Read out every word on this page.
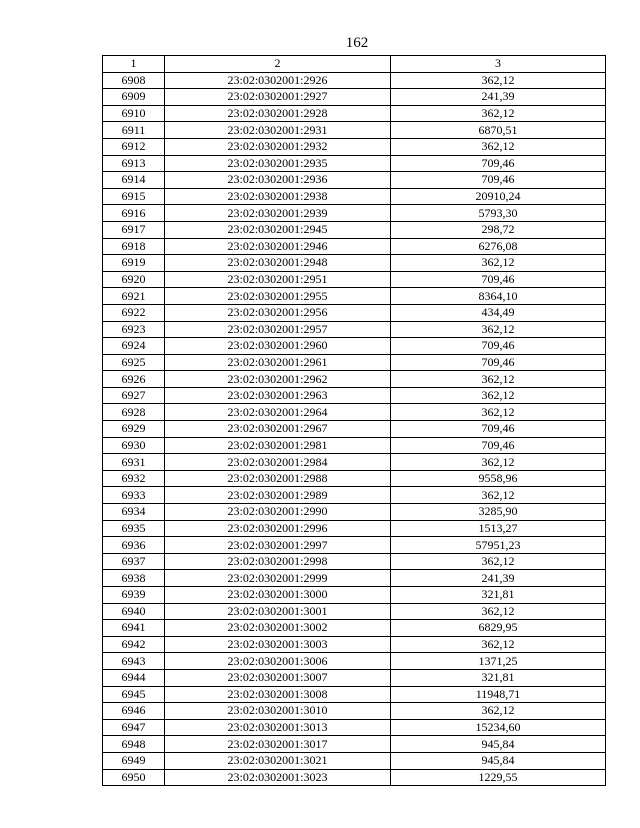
162
1	2	3
6908	23:02:0302001:2926	362,12
6909	23:02:0302001:2927	241,39
6910	23:02:0302001:2928	362,12
6911	23:02:0302001:2931	6870,51
6912	23:02:0302001:2932	362,12
6913	23:02:0302001:2935	709,46
6914	23:02:0302001:2936	709,46
6915	23:02:0302001:2938	20910,24
6916	23:02:0302001:2939	5793,30
6917	23:02:0302001:2945	298,72
6918	23:02:0302001:2946	6276,08
6919	23:02:0302001:2948	362,12
6920	23:02:0302001:2951	709,46
6921	23:02:0302001:2955	8364,10
6922	23:02:0302001:2956	434,49
6923	23:02:0302001:2957	362,12
6924	23:02:0302001:2960	709,46
6925	23:02:0302001:2961	709,46
6926	23:02:0302001:2962	362,12
6927	23:02:0302001:2963	362,12
6928	23:02:0302001:2964	362,12
6929	23:02:0302001:2967	709,46
6930	23:02:0302001:2981	709,46
6931	23:02:0302001:2984	362,12
6932	23:02:0302001:2988	9558,96
6933	23:02:0302001:2989	362,12
6934	23:02:0302001:2990	3285,90
6935	23:02:0302001:2996	1513,27
6936	23:02:0302001:2997	57951,23
6937	23:02:0302001:2998	362,12
6938	23:02:0302001:2999	241,39
6939	23:02:0302001:3000	321,81
6940	23:02:0302001:3001	362,12
6941	23:02:0302001:3002	6829,95
6942	23:02:0302001:3003	362,12
6943	23:02:0302001:3006	1371,25
6944	23:02:0302001:3007	321,81
6945	23:02:0302001:3008	11948,71
6946	23:02:0302001:3010	362,12
6947	23:02:0302001:3013	15234,60
6948	23:02:0302001:3017	945,84
6949	23:02:0302001:3021	945,84
6950	23:02:0302001:3023	1229,55
